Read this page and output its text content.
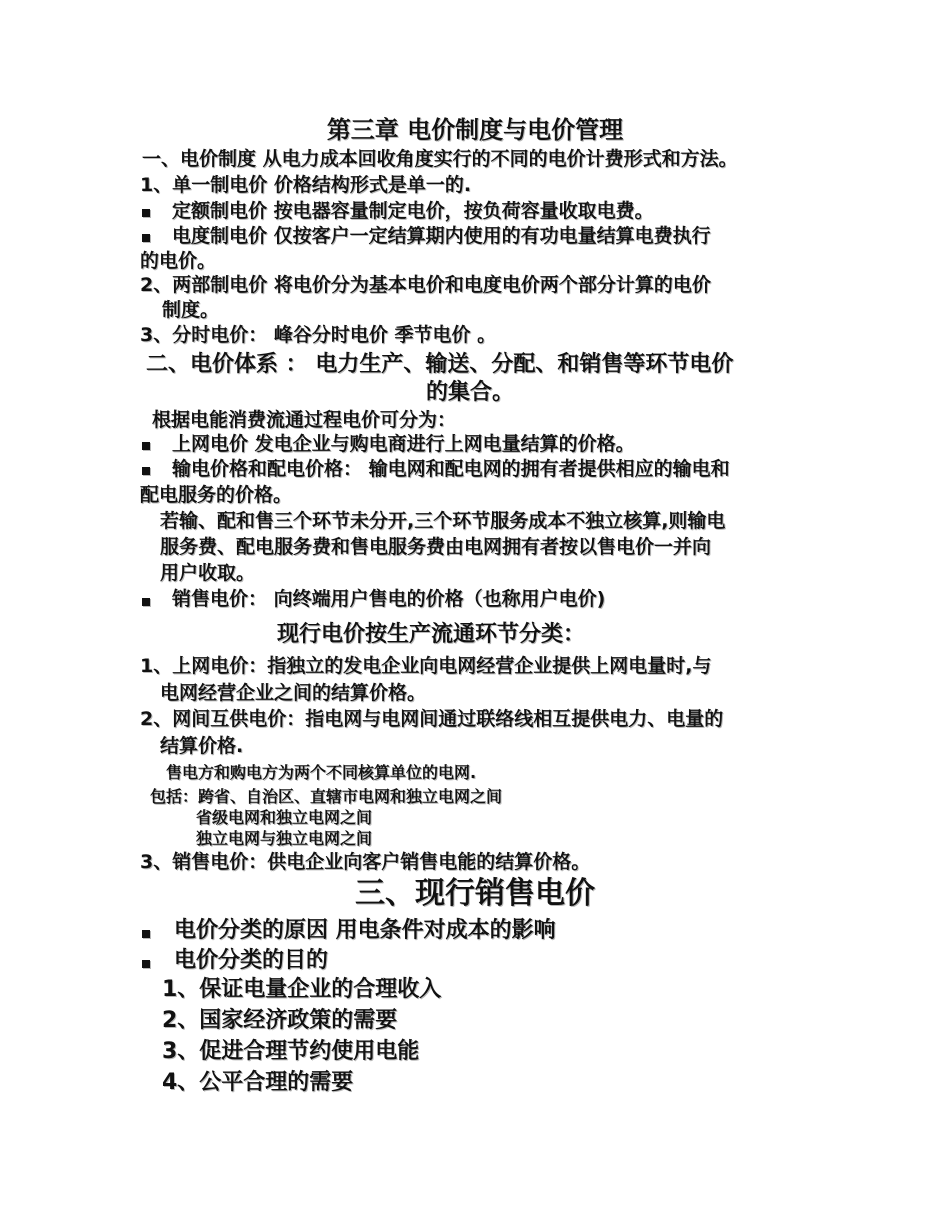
第三章 电价制度与电价管理
一、电价制度 从电力成本回收角度实行的不同的电价计费形式和方法。
1、单一制电价 价格结构形式是单一的.
定额制电价 按电器容量制定电价，按负荷容量收取电费。
电度制电价 仅按客户一定结算期内使用的有功电量结算电费执行
的电价。
2、两部制电价 将电价分为基本电价和电度电价两个部分计算的电价
制度。
3、分时电价： 峰谷分时电价 季节电价 。
二、电价体系 ： 电力生产、输送、分配、和销售等环节电价
的集合。
根据电能消费流通过程电价可分为：
上网电价 发电企业与购电商进行上网电量结算的价格。
输电价格和配电价格： 输电网和配电网的拥有者提供相应的输电和
配电服务的价格。
若输、配和售三个环节未分开,三个环节服务成本不独立核算,则输电
服务费、配电服务费和售电服务费由电网拥有者按以售电价一并向
用户收取。
销售电价： 向终端用户售电的价格（也称用户电价)
现行电价按生产流通环节分类：
1、上网电价：指独立的发电企业向电网经营企业提供上网电量时,与
电网经营企业之间的结算价格。
2、网间互供电价：指电网与电网间通过联络线相互提供电力、电量的
结算价格.
售电方和购电方为两个不同核算单位的电网.
包括：跨省、自治区、直辖市电网和独立电网之间
省级电网和独立电网之间
独立电网与独立电网之间
3、销售电价：供电企业向客户销售电能的结算价格。
三、现行销售电价
电价分类的原因 用电条件对成本的影响
电价分类的目的
1、保证电量企业的合理收入
2、国家经济政策的需要
3、促进合理节约使用电能
4、公平合理的需要
